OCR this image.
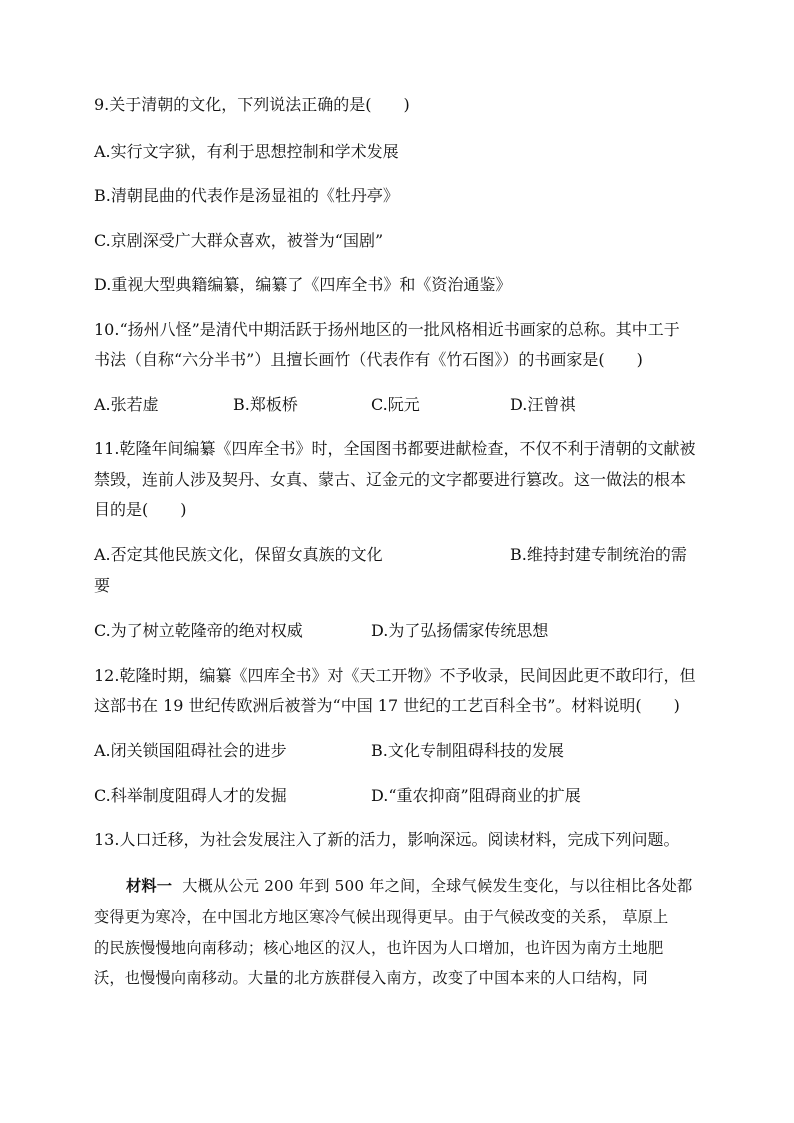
9.关于清朝的文化，下列说法正确的是(　　)
A.实行文字狱，有利于思想控制和学术发展
B.清朝昆曲的代表作是汤显祖的《牡丹亭》
C.京剧深受广大群众喜欢，被誉为“国剧”
D.重视大型典籍编纂，编纂了《四库全书》和《资治通鉴》
10.“扬州八怪”是清代中期活跃于扬州地区的一批风格相近书画家的总称。其中工于
书法（自称“六分半书”）且擅长画竹（代表作有《竹石图》）的书画家是(　　)
A.张若虚	B.郑板桥	C.阮元	D.汪曾祺
11.乾隆年间编纂《四库全书》时，全国图书都要进献检查，不仅不利于清朝的文献被
禁毁，连前人涉及契丹、女真、蒙古、辽金元的文字都要进行篡改。这一做法的根本
目的是(　　)
A.否定其他民族文化，保留女真族的文化	B.维持封建专制统治的需
要
C.为了树立乾隆帝的绝对权威	D.为了弘扬儒家传统思想
12.乾隆时期，编纂《四库全书》对《天工开物》不予收录，民间因此更不敢印行，但
这部书在 19 世纪传欧洲后被誉为“中国 17 世纪的工艺百科全书”。材料说明(　　)
A.闭关锁国阻碍社会的进步	B.文化专制阻碍科技的发展
C.科举制度阻碍人才的发掘	D.“重农抑商”阻碍商业的扩展
13.人口迁移，为社会发展注入了新的活力，影响深远。阅读材料，完成下列问题。
材料一 大概从公元 200 年到 500 年之间，全球气候发生变化，与以往相比各处都
变得更为寒冷，在中国北方地区寒冷气候出现得更早。由于气候改变的关系， 草原上
的民族慢慢地向南移动；核心地区的汉人，也许因为人口增加，也许因为南方土地肥
沃，也慢慢向南移动。大量的北方族群侵入南方，改变了中国本来的人口结构，同
